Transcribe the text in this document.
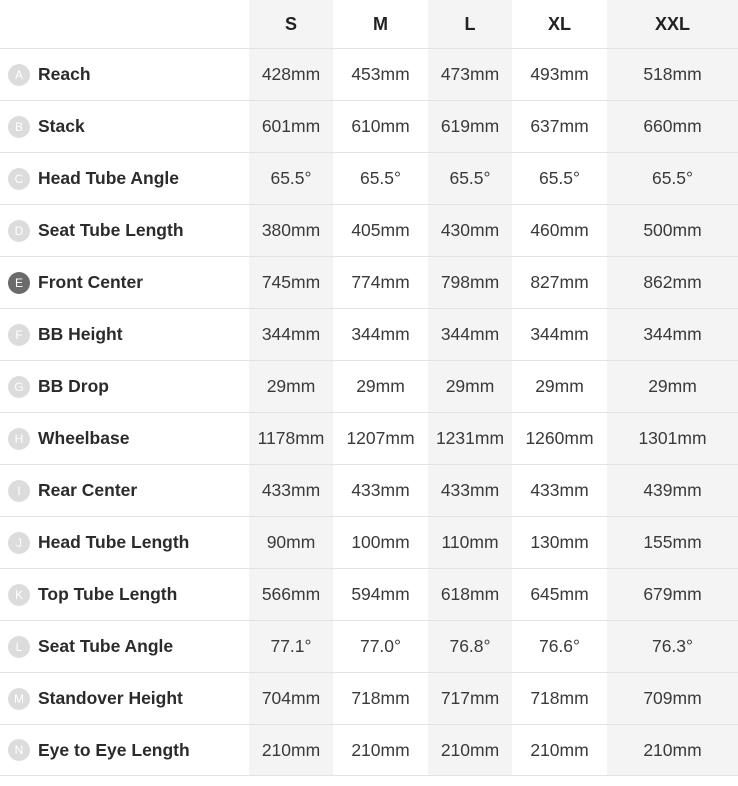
S	M	L	XL	XXL
A Reach	428mm	453mm	473mm	493mm	518mm
B Stack	601mm	610mm	619mm	637mm	660mm
C Head Tube Angle	65.5°	65.5°	65.5°	65.5°	65.5°
D Seat Tube Length	380mm	405mm	430mm	460mm	500mm
E Front Center	745mm	774mm	798mm	827mm	862mm
F BB Height	344mm	344mm	344mm	344mm	344mm
G BB Drop	29mm	29mm	29mm	29mm	29mm
H Wheelbase	1178mm	1207mm	1231mm	1260mm	1301mm
I Rear Center	433mm	433mm	433mm	433mm	439mm
J Head Tube Length	90mm	100mm	110mm	130mm	155mm
K Top Tube Length	566mm	594mm	618mm	645mm	679mm
L Seat Tube Angle	77.1°	77.0°	76.8°	76.6°	76.3°
M Standover Height	704mm	718mm	717mm	718mm	709mm
N Eye to Eye Length	210mm	210mm	210mm	210mm	210mm
